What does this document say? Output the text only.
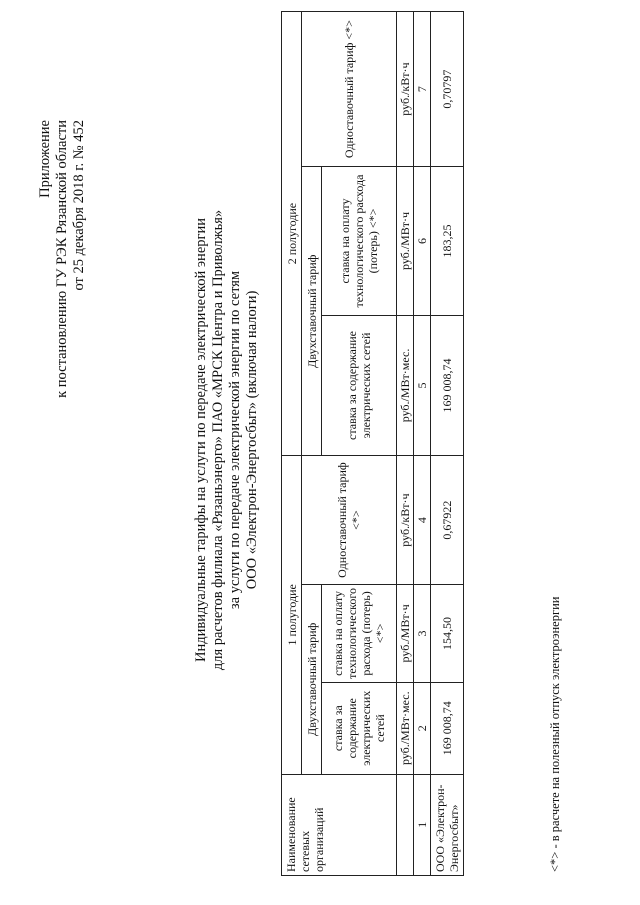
Приложение к постановлению ГУ РЭК Рязанской области от 25 декабря 2018 г. № 452
Индивидуальные тарифы на услуги по передаче электрической энергии для расчетов филиала «Рязаньэнерго» ПАО «МРСК Центра и Приволжья» за услуги по передаче электрической энергии по сетям ООО «Электрон-Энергосбыт» (включая налоги)
Наименование сетевых организаций	1 полугодие			2 полугодие		
	Двухставочный тариф		Одноставочный тариф <*>	Двухставочный тариф		Одноставочный тариф <*>
	ставка за содержание электрических сетей	ставка на оплату технологического расхода (потерь) <*>		ставка за содержание электрических сетей	ставка на оплату технологического расхода (потерь) <*>	
	руб./МВт·мес.	руб./МВт·ч	руб./кВт·ч	руб./МВт·мес.	руб./МВт·ч	руб./кВт·ч
1	2	3	4	5	6	7
ООО «Электрон-Энергосбыт»	169 008,74	154,50	0,67922	169 008,74	183,25	0,70797
<*> - в расчете на полезный отпуск электроэнергии
